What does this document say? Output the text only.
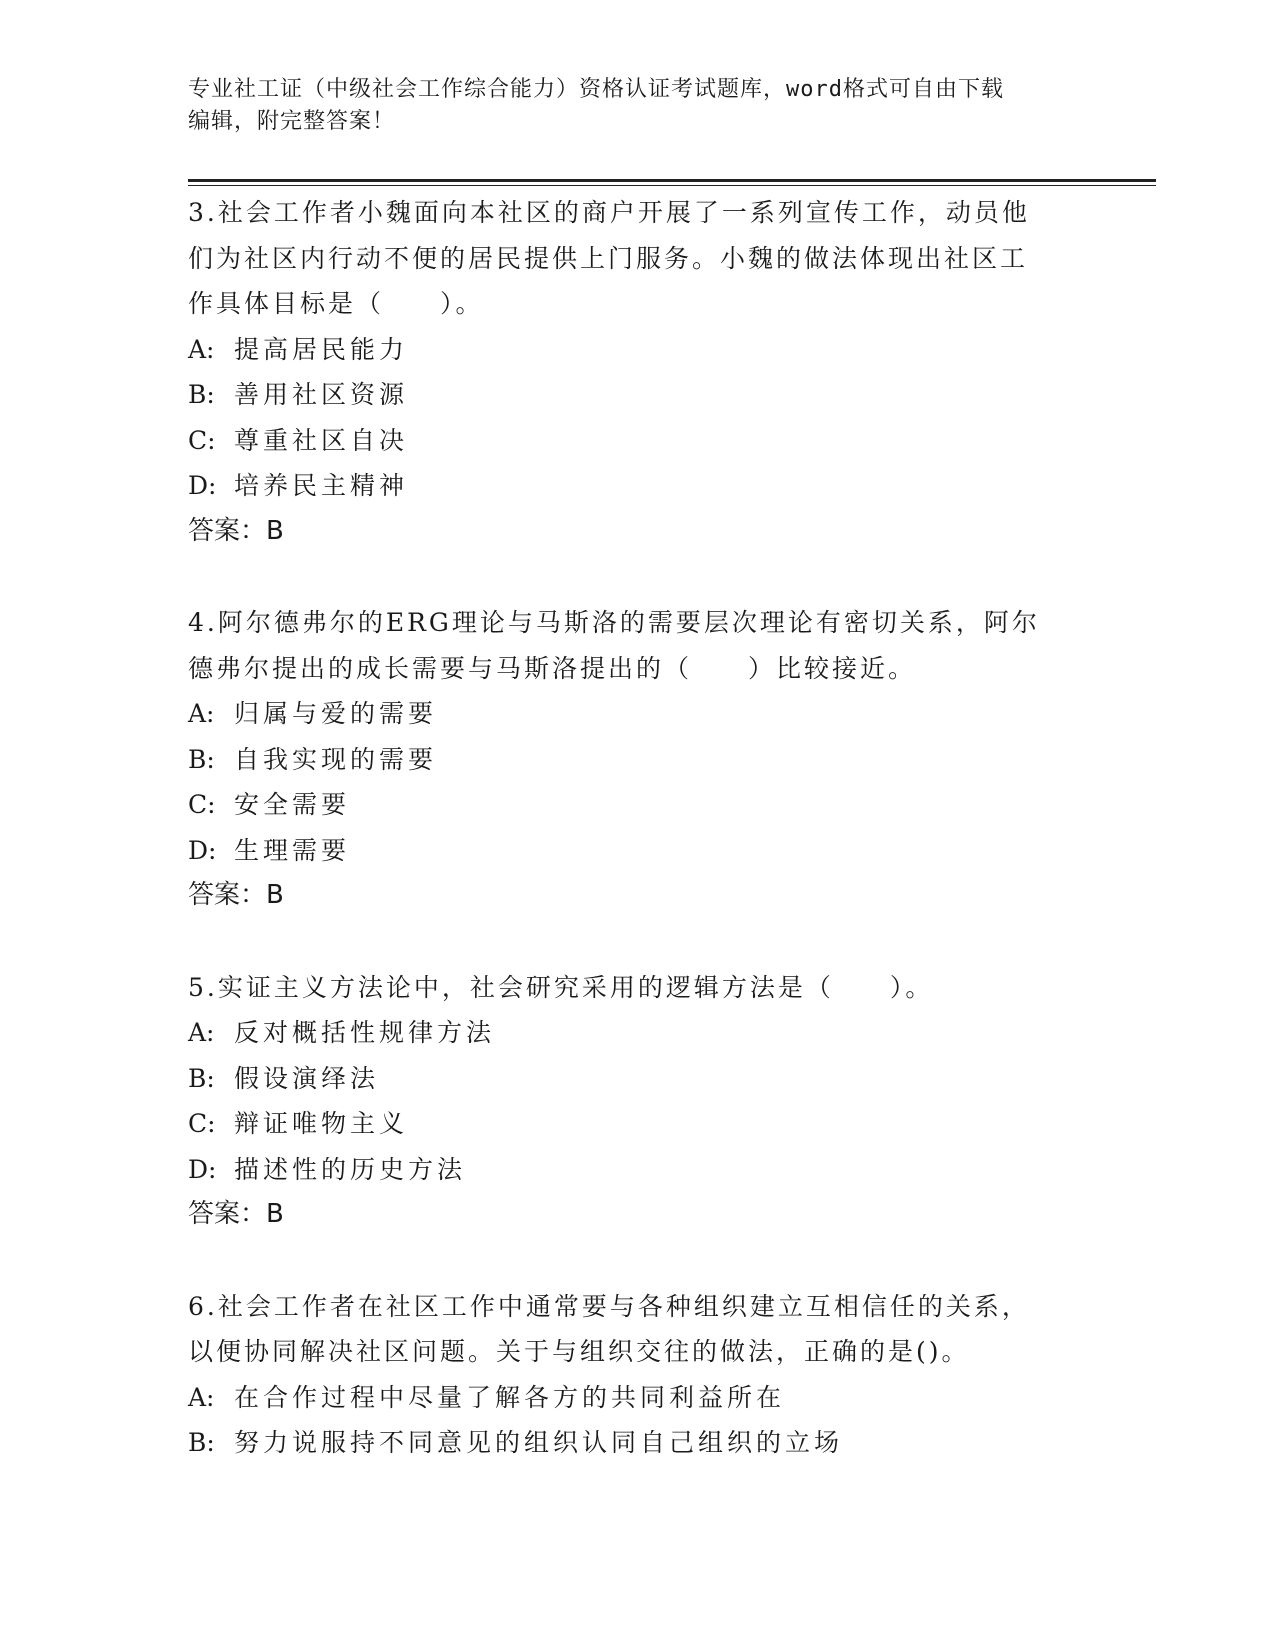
专业社工证（中级社会工作综合能力）资格认证考试题库，word格式可自由下载
编辑，附完整答案！

3.社会工作者小魏面向本社区的商户开展了一系列宣传工作，动员他

们为社区内行动不便的居民提供上门服务。小魏的做法体现出社区工

作具体目标是（　　）。

A: 提高居民能力

B: 善用社区资源

C: 尊重社区自决

D: 培养民主精神

答案：B

4.阿尔德弗尔的ERG理论与马斯洛的需要层次理论有密切关系，阿尔

德弗尔提出的成长需要与马斯洛提出的（　　）比较接近。

A: 归属与爱的需要

B: 自我实现的需要

C: 安全需要

D: 生理需要

答案：B

5.实证主义方法论中，社会研究采用的逻辑方法是（　　）。

A: 反对概括性规律方法

B: 假设演绎法

C: 辩证唯物主义

D: 描述性的历史方法

答案：B

6.社会工作者在社区工作中通常要与各种组织建立互相信任的关系，

以便协同解决社区问题。关于与组织交往的做法，正确的是()。

A: 在合作过程中尽量了解各方的共同利益所在

B: 努力说服持不同意见的组织认同自己组织的立场
